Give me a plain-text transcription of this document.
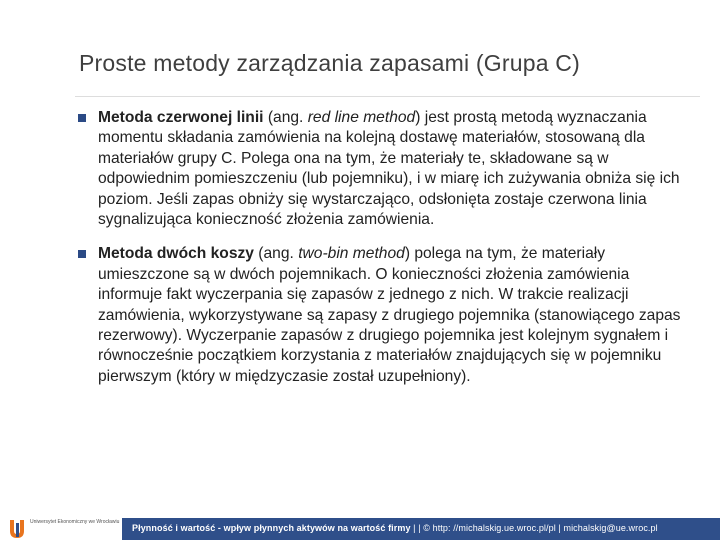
Proste metody zarządzania zapasami (Grupa C)
Metoda czerwonej linii (ang. red line method) jest prostą metodą wyznaczania momentu składania zamówienia na kolejną dostawę materiałów, stosowaną dla materiałów grupy C. Polega ona na tym, że materiały te, składowane są w odpowiednim pomieszczeniu (lub pojemniku), i w miarę ich zużywania obniża się ich poziom. Jeśli zapas obniży się wystarczająco, odsłonięta zostaje czerwona linia sygnalizująca konieczność złożenia zamówienia.
Metoda dwóch koszy (ang. two-bin method) polega na tym, że materiały umieszczone są w dwóch pojemnikach. O konieczności złożenia zamówienia informuje fakt wyczerpania się zapasów z jednego z nich. W trakcie realizacji zamówienia, wykorzystywane są zapasy z drugiego pojemnika (stanowiącego zapas rezerwowy). Wyczerpanie zapasów z drugiego pojemnika jest kolejnym sygnałem i równocześnie początkiem korzystania z materiałów znajdujących się w pojemniku pierwszym (który w międzyczasie został uzupełniony).
Uniwersytet Ekonomiczny we Wrocławiu
Płynność i wartość - wpływ płynnych aktywów na wartość firmy | | © http: //michalskig.ue.wroc.pl/pl | michalskig@ue.wroc.pl
